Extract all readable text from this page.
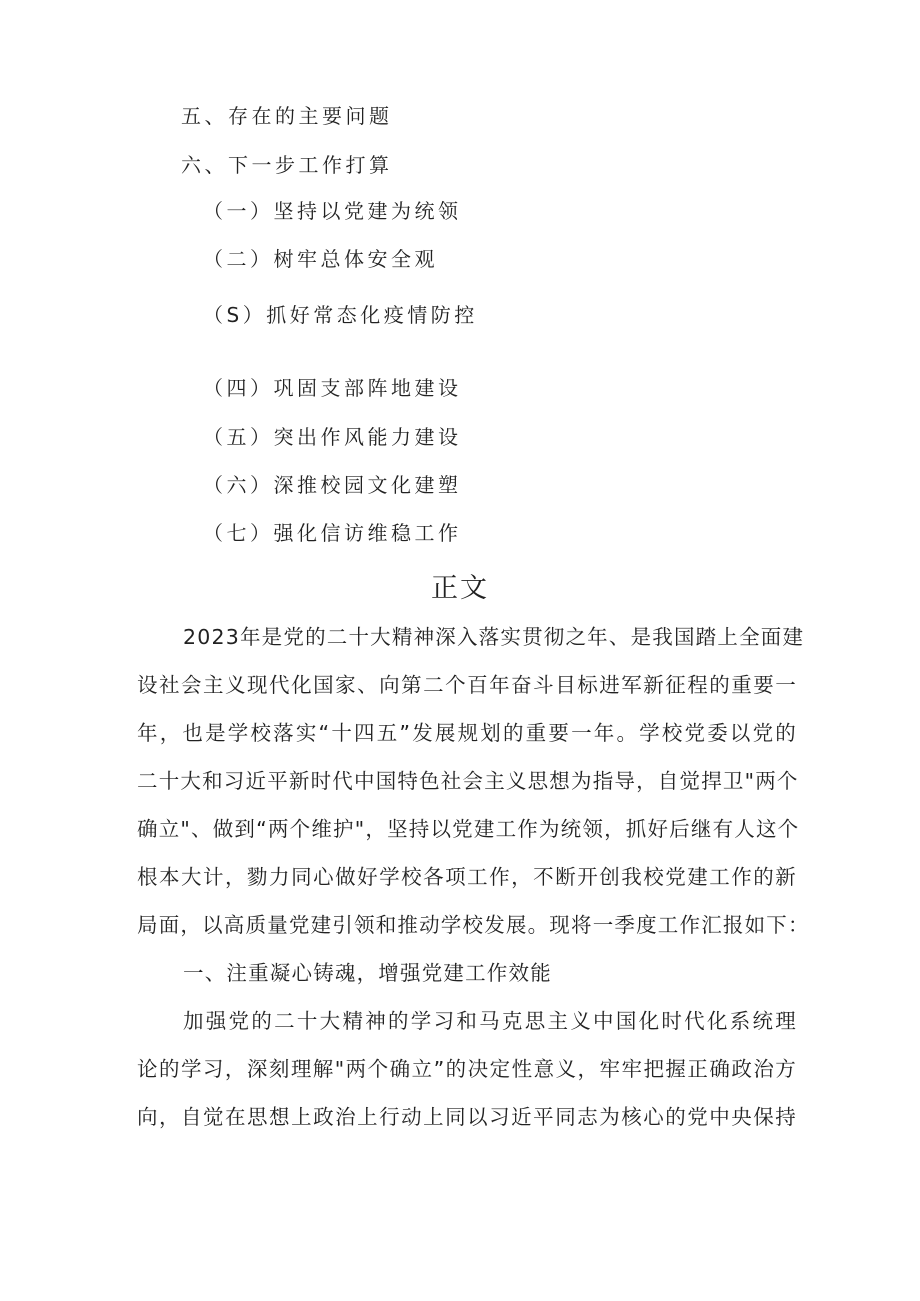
五、存在的主要问题

六、下一步工作打算

（一）坚持以党建为统领

（二）树牢总体安全观

（S）抓好常态化疫情防控

（四）巩固支部阵地建设

（五）突出作风能力建设

（六）深推校园文化建塑

（七）强化信访维稳工作

正文

2023年是党的二十大精神深入落实贯彻之年、是我国踏上全面建

设社会主义现代化国家、向第二个百年奋斗目标进军新征程的重要一

年，也是学校落实“十四五”发展规划的重要一年。学校党委以党的

二十大和习近平新时代中国特色社会主义思想为指导，自觉捍卫"两个

确立"、做到“两个维护"，坚持以党建工作为统领，抓好后继有人这个

根本大计，勠力同心做好学校各项工作，不断开创我校党建工作的新

局面，以高质量党建引领和推动学校发展。现将一季度工作汇报如下：

一、注重凝心铸魂，增强党建工作效能

加强党的二十大精神的学习和马克思主义中国化时代化系统理

论的学习，深刻理解"两个确立”的决定性意义，牢牢把握正确政治方

向，自觉在思想上政治上行动上同以习近平同志为核心的党中央保持
